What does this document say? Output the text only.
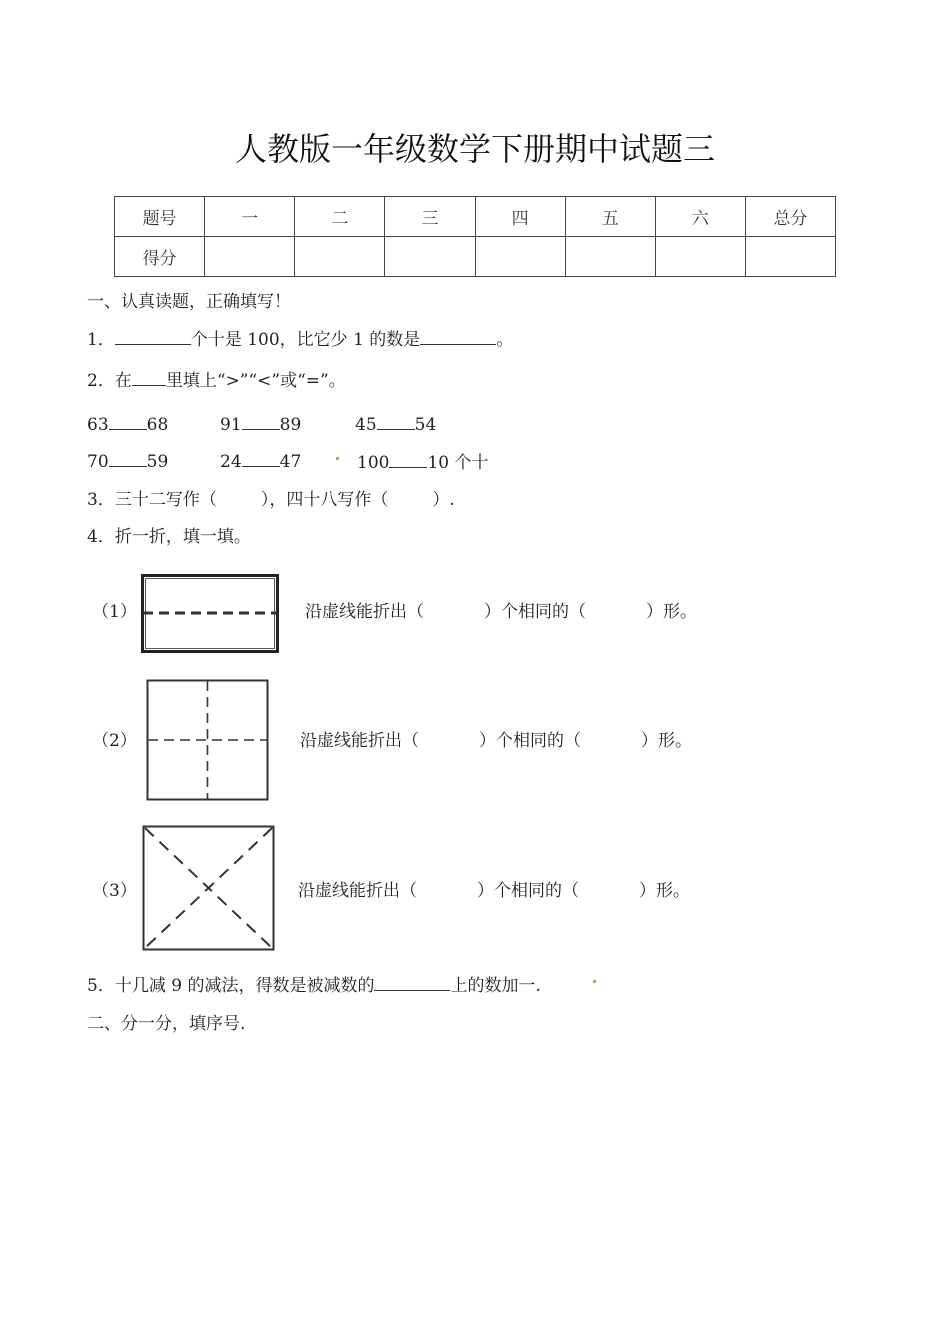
人教版一年级数学下册期中试题三
题号	一	二	三	四	五	六	总分
得分							
一、认真读题，正确填写！
1．	个十是 100，比它少 1 的数是	。
2．在 里填上“>”“<”或“=”。
63 68	91 89	45 54
70 59	24 47	100 10 个十
3．三十二写作（	），四十八写作（	）.
4．折一折，填一填。
（1）	沿虚线能折出（	）个相同的（	）形。
（2）	沿虚线能折出（	）个相同的（	）形。
（3）	沿虚线能折出（	）个相同的（	）形。
5．十几减 9 的减法，得数是被减数的	上的数加一.
二、分一分，填序号.
